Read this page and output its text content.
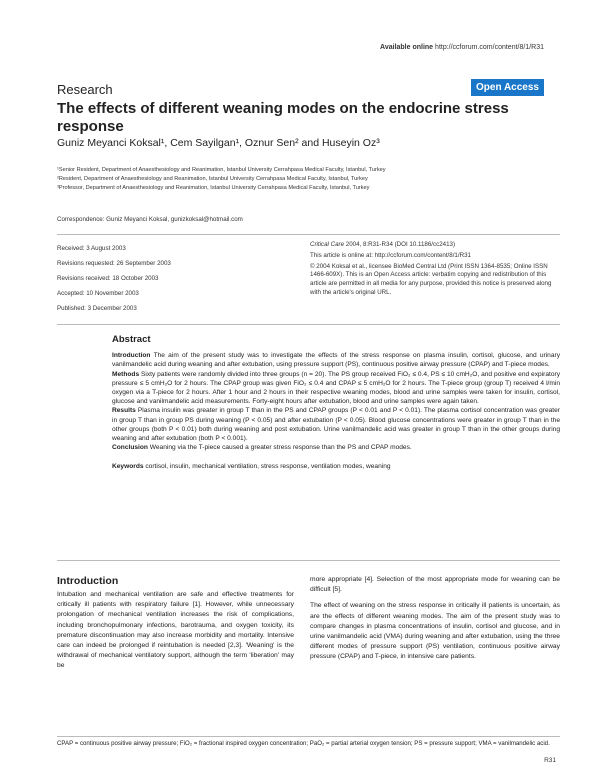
Available online http://ccforum.com/content/8/1/R31
Research	Open Access
The effects of different weaning modes on the endocrine stress response
Guniz Meyanci Koksal¹, Cem Sayilgan¹, Oznur Sen² and Huseyin Oz³
¹Senior Resident, Department of Anaesthesiology and Reanimation, Istanbul University Cerrahpasa Medical Faculty, Istanbul, Turkey
²Resident, Department of Anaesthesiology and Reanimation, Istanbul University Cerrahpasa Medical Faculty, Istanbul, Turkey
³Professor, Department of Anaesthesiology and Reanimation, Istanbul University Cerrahpasa Medical Faculty, Istanbul, Turkey
Correspondence: Guniz Meyanci Koksal, gunizkoksal@hotmail.com
Received: 3 August 2003
Revisions requested: 26 September 2003
Revisions received: 18 October 2003
Accepted: 10 November 2003
Published: 3 December 2003
Critical Care 2004, 8:R31-R34 (DOI 10.1186/cc2413)
This article is online at: http://ccforum.com/content/8/1/R31
© 2004 Koksal et al., licensee BioMed Central Ltd (Print ISSN 1364-8535; Online ISSN 1466-609X). This is an Open Access article: verbatim copying and redistribution of this article are permitted in all media for any purpose, provided this notice is preserved along with the article's original URL.
Abstract

Introduction The aim of the present study was to investigate the effects of the stress response on plasma insulin, cortisol, glucose, and urinary vanilmandelic acid during weaning and after extubation, using pressure support (PS), continuous positive airway pressure (CPAP) and T-piece modes.

Methods Sixty patients were randomly divided into three groups (n = 20). The PS group received FiO₂ ≤ 0.4, PS ≤ 10 cmH₂O, and positive end expiratory pressure ≤ 5 cmH₂O for 2 hours. The CPAP group was given FiO₂ ≤ 0.4 and CPAP ≤ 5 cmH₂O for 2 hours. The T-piece group (group T) received 4 l/min oxygen via a T-piece for 2 hours. After 1 hour and 2 hours in their respective weaning modes, blood and urine samples were taken for insulin, cortisol, glucose and vanilmandelic acid measurements. Forty-eight hours after extubation, blood and urine samples were again taken.

Results Plasma insulin was greater in group T than in the PS and CPAP groups (P < 0.01 and P < 0.01). The plasma cortisol concentration was greater in group T than in group PS during weaning (P < 0.05) and after extubation (P < 0.05). Blood glucose concentrations were greater in group T than in the other groups (both P < 0.01) both during weaning and post extubation. Urine vanilmandelic acid was greater in group T than in the other groups during weaning and after extubation (both P < 0.001).

Conclusion Weaning via the T-piece caused a greater stress response than the PS and CPAP modes.

Keywords cortisol, insulin, mechanical ventilation, stress response, ventilation modes, weaning

Introduction
Intubation and mechanical ventilation are safe and effective treatments for critically ill patients with respiratory failure [1]. However, while unnecessary prolongation of mechanical ventilation increases the risk of complications, including bronchopulmonary infections, barotrauma, and oxygen toxicity, its premature discontinuation may also increase morbidity and mortality. Intensive care can indeed be prolonged if reintubation is needed [2,3]. 'Weaning' is the withdrawal of mechanical ventilatory support, although the term 'liberation' may be

more appropriate [4]. Selection of the most appropriate mode for weaning can be difficult [5].

The effect of weaning on the stress response in critically ill patients is uncertain, as are the effects of different weaning modes. The aim of the present study was to compare changes in plasma concentrations of insulin, cortisol and glucose, and in urine vanilmandelic acid (VMA) during weaning and after extubation, using the three different modes of pressure support (PS) ventilation, continuous positive airway pressure (CPAP) and T-piece, in intensive care patients.

CPAP = continuous positive airway pressure; FiO₂ = fractional inspired oxygen concentration; PaO₂ = partial arterial oxygen tension; PS = pressure support; VMA = vanilmandelic acid.
R31
